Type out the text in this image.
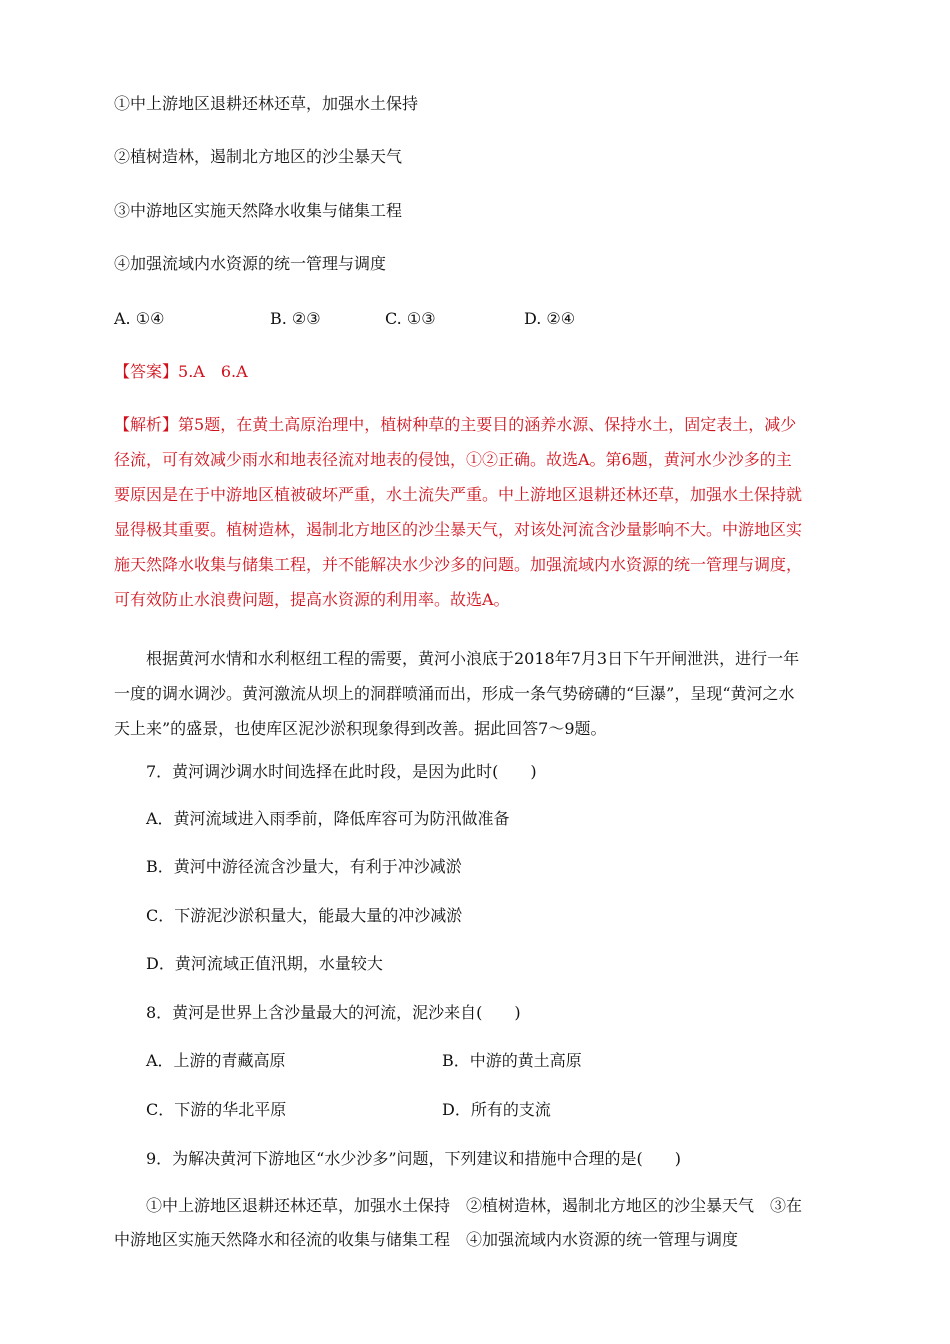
①中上游地区退耕还林还草，加强水土保持
②植树造林，遏制北方地区的沙尘暴天气
③中游地区实施天然降水收集与储集工程
④加强流域内水资源的统一管理与调度
A. ①④	B. ②③	C. ①③	D. ②④
【答案】5.A　6.A

【解析】第5题，在黄土高原治理中，植树种草的主要目的涵养水源、保持水土，固定表土，减少

径流，可有效减少雨水和地表径流对地表的侵蚀，①②正确。故选A。第6题，黄河水少沙多的主

要原因是在于中游地区植被破坏严重，水土流失严重。中上游地区退耕还林还草，加强水土保持就

显得极其重要。植树造林，遏制北方地区的沙尘暴天气，对该处河流含沙量影响不大。中游地区实

施天然降水收集与储集工程，并不能解决水少沙多的问题。加强流域内水资源的统一管理与调度，

可有效防止水浪费问题，提高水资源的利用率。故选A。

根据黄河水情和水利枢纽工程的需要，黄河小浪底于2018年7月3日下午开闸泄洪，进行一年

一度的调水调沙。黄河激流从坝上的洞群喷涌而出，形成一条气势磅礴的“巨瀑”，呈现“黄河之水

天上来”的盛景，也使库区泥沙淤积现象得到改善。据此回答7～9题。

7．黄河调沙调水时间选择在此时段，是因为此时(　　)
A．黄河流域进入雨季前，降低库容可为防汛做准备
B．黄河中游径流含沙量大，有利于冲沙减淤
C．下游泥沙淤积量大，能最大量的冲沙减淤
D．黄河流域正值汛期，水量较大
8．黄河是世界上含沙量最大的河流，泥沙来自(　　)
A．上游的青藏高原	B．中游的黄土高原
C．下游的华北平原	D．所有的支流
9．为解决黄河下游地区“水少沙多”问题，下列建议和措施中合理的是(　　)

①中上游地区退耕还林还草，加强水土保持　②植树造林，遏制北方地区的沙尘暴天气　③在

中游地区实施天然降水和径流的收集与储集工程　④加强流域内水资源的统一管理与调度
